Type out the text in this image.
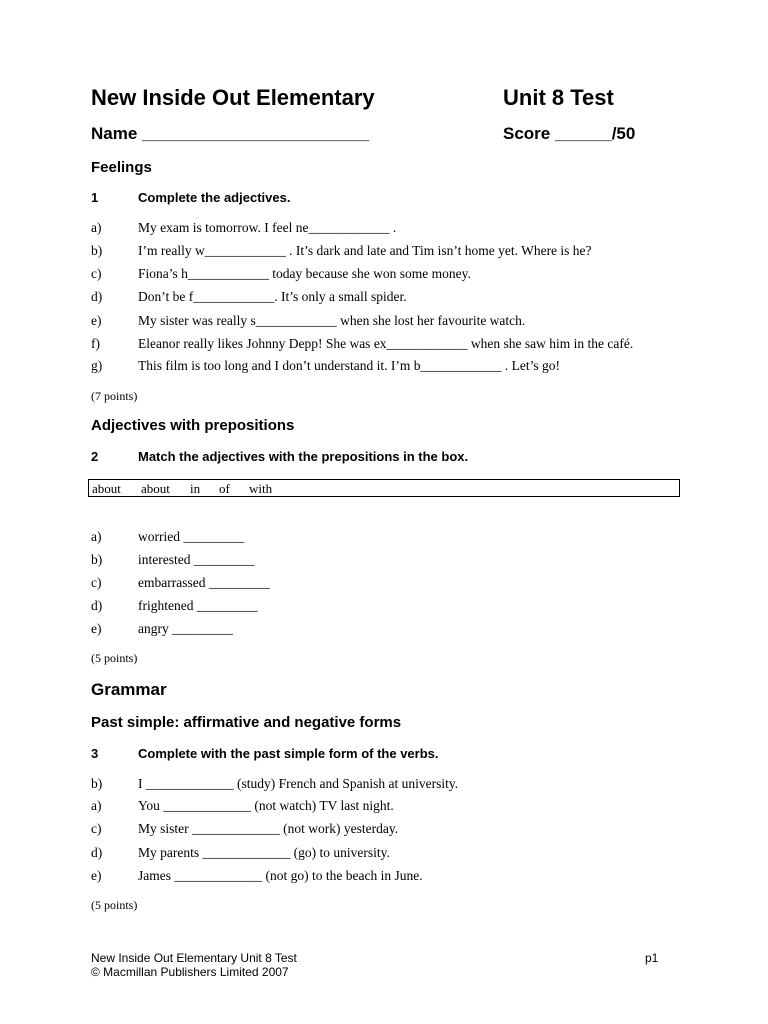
New Inside Out Elementary	Unit 8 Test
Name ________________________	Score ______/50
Feelings
1	Complete the adjectives.
a)	My exam is tomorrow. I feel ne____________ .
b)	I’m really w____________ . It’s dark and late and Tim isn’t home yet. Where is he?
c)	Fiona’s h____________ today because she won some money.
d)	Don’t be f____________. It’s only a small spider.
e)	My sister was really s____________ when she lost her favourite watch.
f)	Eleanor really likes Johnny Depp! She was ex____________ when she saw him in the café.
g)	This film is too long and I don’t understand it. I’m b____________ . Let’s go!
(7 points)
Adjectives with prepositions
2	Match the adjectives with the prepositions in the box.
about about in of with
a)	worried _________
b)	interested _________
c)	embarrassed _________
d)	frightened _________
e)	angry _________
(5 points)
Grammar
Past simple: affirmative and negative forms
3	Complete with the past simple form of the verbs.
b)	I _____________ (study) French and Spanish at university.
a)	You _____________ (not watch) TV last night.
c)	My sister _____________ (not work) yesterday.
d)	My parents _____________ (go) to university.
e)	James _____________ (not go) to the beach in June.
(5 points)
New Inside Out Elementary Unit 8 Test
© Macmillan Publishers Limited 2007
p1
